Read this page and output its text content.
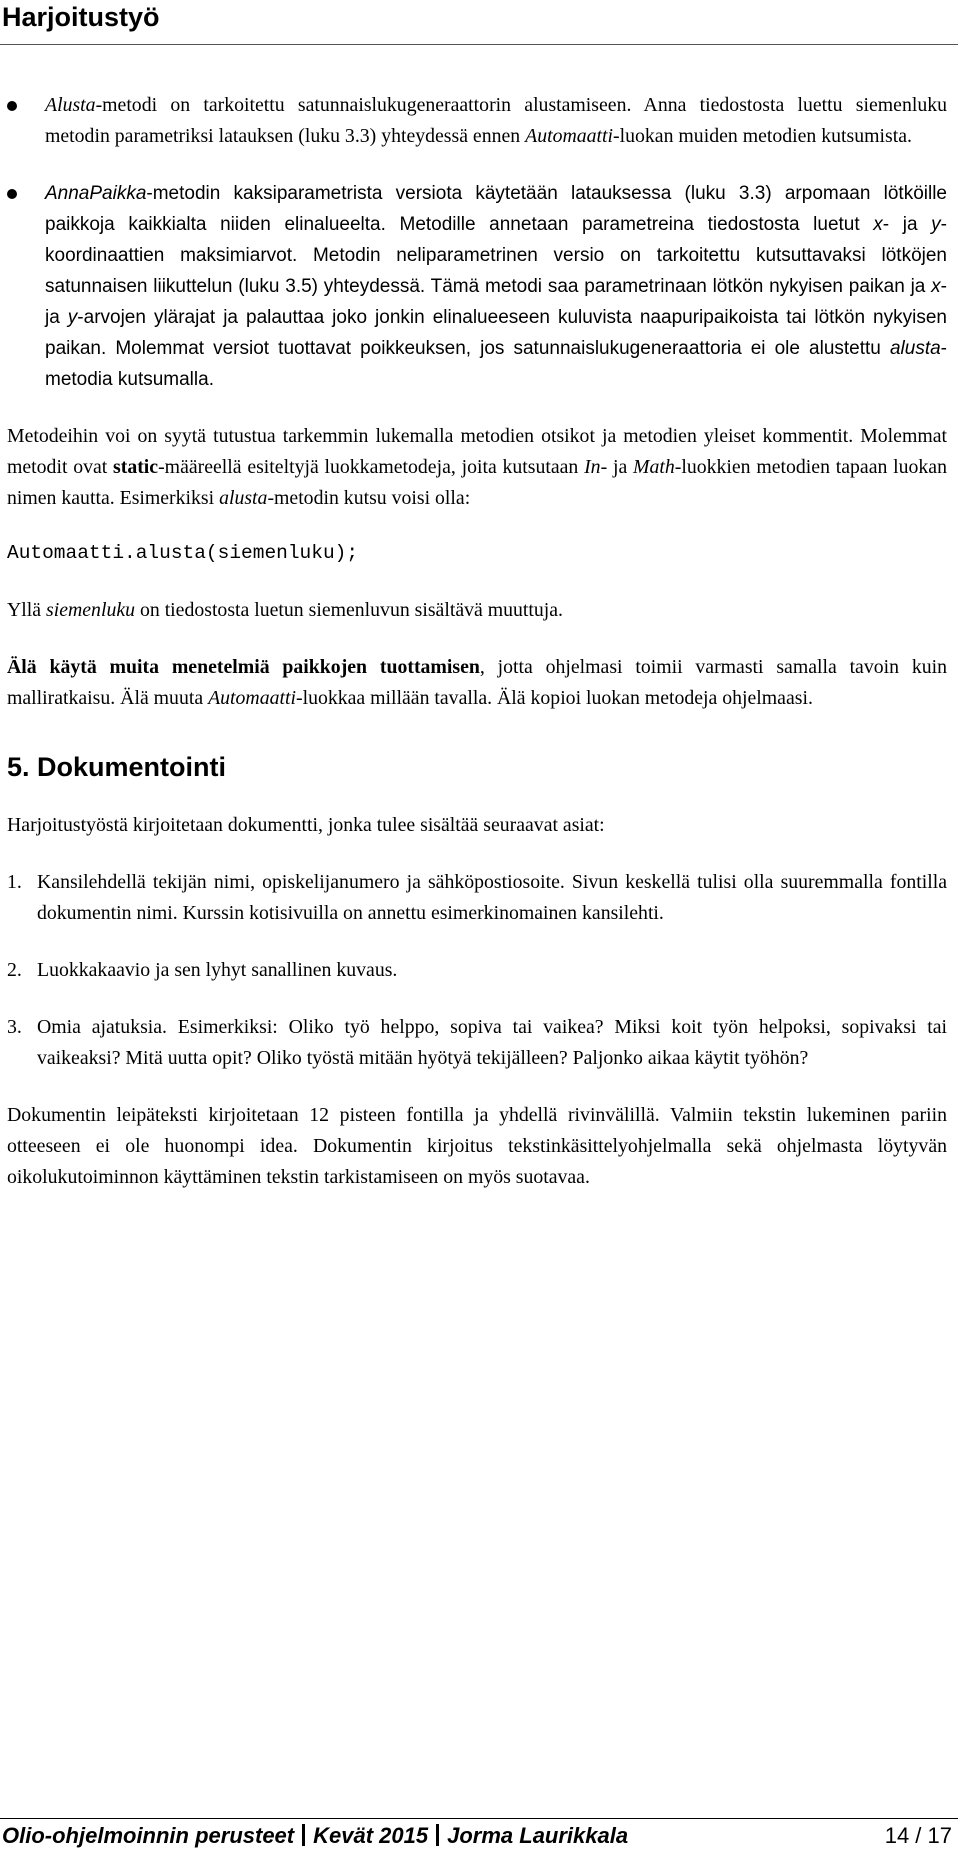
Harjoitustyö
Alusta-metodi on tarkoitettu satunnaislukugeneraattorin alustamiseen. Anna tiedostosta luettu siemenluku metodin parametriksi latauksen (luku 3.3) yhteydessä ennen Automaatti-luokan muiden metodien kutsumista.
AnnaPaikka-metodin kaksiparametrista versiota käytetään latauksessa (luku 3.3) arpomaan lötköille paikkoja kaikkialta niiden elinalueelta. Metodille annetaan parametreina tiedostosta luetut x- ja y-koordinaattien maksimiarvot. Metodin neliparametrinen versio on tarkoitettu kutsuttavaksi lötköjen satunnaisen liikuttelun (luku 3.5) yhteydessä. Tämä metodi saa parametrinaan lötkön nykyisen paikan ja x- ja y-arvojen ylärajat ja palauttaa joko jonkin elinalueeseen kuluvista naapuripaikoista tai lötkön nykyisen paikan. Molemmat versiot tuottavat poikkeuksen, jos satunnaislukugeneraattoria ei ole alustettu alusta-metodia kutsumalla.

Metodeihin voi on syytä tutustua tarkemmin lukemalla metodien otsikot ja metodien yleiset kommentit. Molemmat metodit ovat static-määreellä esiteltyjä luokkametodeja, joita kutsutaan In- ja Math-luokkien metodien tapaan luokan nimen kautta. Esimerkiksi alusta-metodin kutsu voisi olla:

Automaatti.alusta(siemenluku);

Yllä siemenluku on tiedostosta luetun siemenluvun sisältävä muuttuja.

Älä käytä muita menetelmiä paikkojen tuottamisen, jotta ohjelmasi toimii varmasti samalla tavoin kuin malliratkaisu. Älä muuta Automaatti-luokkaa millään tavalla. Älä kopioi luokan metodeja ohjelmaasi.

5. Dokumentointi

Harjoitustyöstä kirjoitetaan dokumentti, jonka tulee sisältää seuraavat asiat:

1. Kansilehdellä tekijän nimi, opiskelijanumero ja sähköpostiosoite. Sivun keskellä tulisi olla suuremmalla fontilla dokumentin nimi. Kurssin kotisivuilla on annettu esimerkinomainen kansilehti.
2. Luokkakaavio ja sen lyhyt sanallinen kuvaus.
3. Omia ajatuksia. Esimerkiksi: Oliko työ helppo, sopiva tai vaikea? Miksi koit työn helpoksi, sopivaksi tai vaikeaksi? Mitä uutta opit? Oliko työstä mitään hyötyä tekijälleen? Paljonko aikaa käytit työhön?

Dokumentin leipäteksti kirjoitetaan 12 pisteen fontilla ja yhdellä rivinvälillä. Valmiin tekstin lukeminen pariin otteeseen ei ole huonompi idea. Dokumentin kirjoitus tekstinkäsittelyohjelmalla sekä ohjelmasta löytyvän oikolukutoiminnon käyttäminen tekstin tarkistamiseen on myös suotavaa.

Olio-ohjelmoinnin perusteet Kevät 2015 Jorma Laurikkala	14 / 17
